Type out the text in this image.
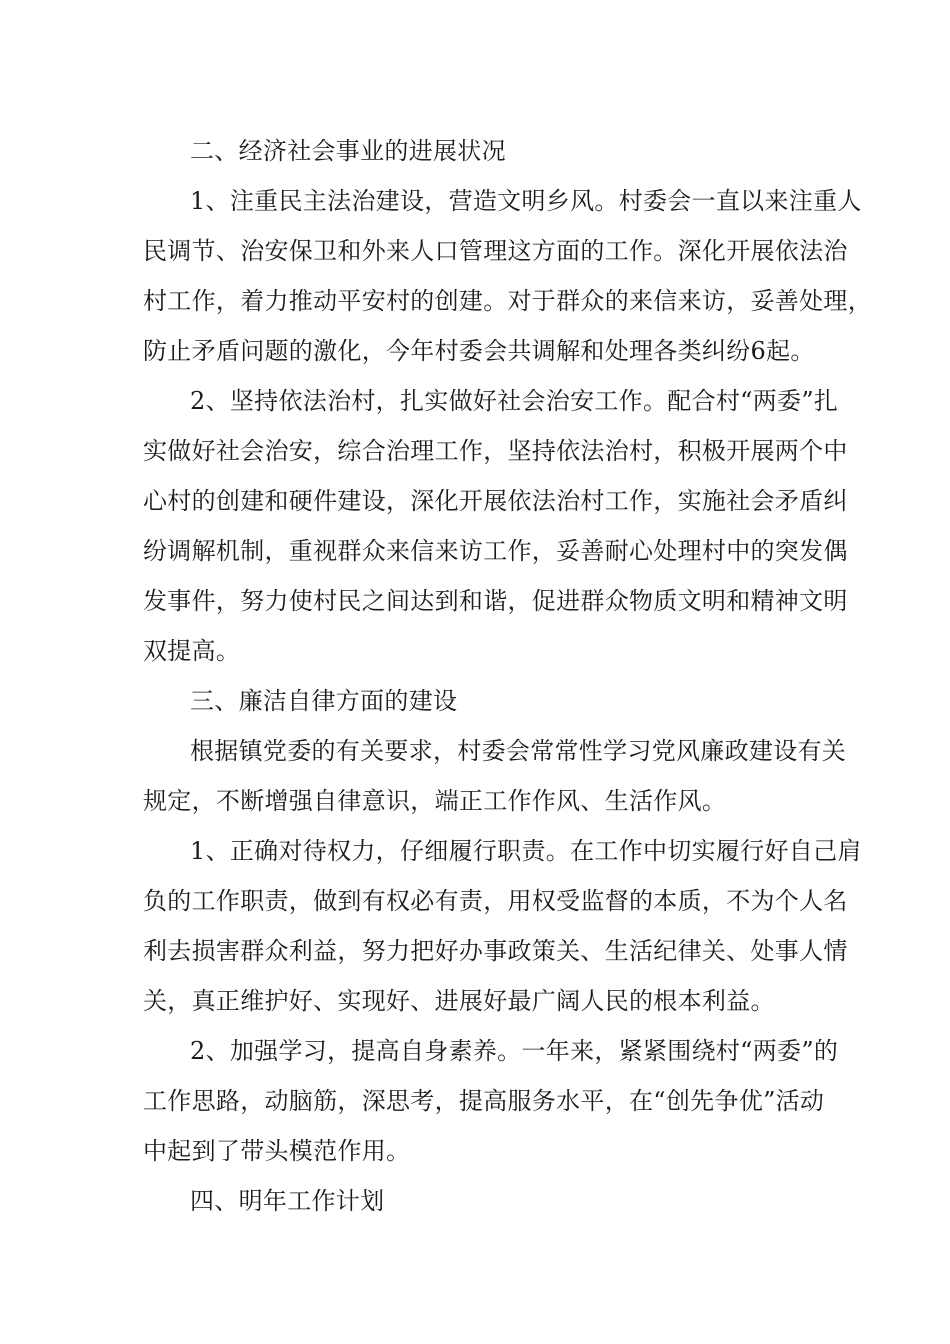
二、经济社会事业的进展状况
1、注重民主法治建设，营造文明乡风。村委会一直以来注重人
民调节、治安保卫和外来人口管理这方面的工作。深化开展依法治
村工作，着力推动平安村的创建。对于群众的来信来访，妥善处理，
防止矛盾问题的激化，今年村委会共调解和处理各类纠纷6起。
2、坚持依法治村，扎实做好社会治安工作。配合村“两委”扎
实做好社会治安，综合治理工作，坚持依法治村，积极开展两个中
心村的创建和硬件建设，深化开展依法治村工作，实施社会矛盾纠
纷调解机制，重视群众来信来访工作，妥善耐心处理村中的突发偶
发事件，努力使村民之间达到和谐，促进群众物质文明和精神文明
双提高。
三、廉洁自律方面的建设
根据镇党委的有关要求，村委会常常性学习党风廉政建设有关
规定，不断增强自律意识，端正工作作风、生活作风。
1、正确对待权力，仔细履行职责。在工作中切实履行好自己肩
负的工作职责，做到有权必有责，用权受监督的本质，不为个人名
利去损害群众利益，努力把好办事政策关、生活纪律关、处事人情
关，真正维护好、实现好、进展好最广阔人民的根本利益。
2、加强学习，提高自身素养。一年来，紧紧围绕村“两委”的
工作思路，动脑筋，深思考，提高服务水平，在“创先争优”活动
中起到了带头模范作用。
四、明年工作计划
